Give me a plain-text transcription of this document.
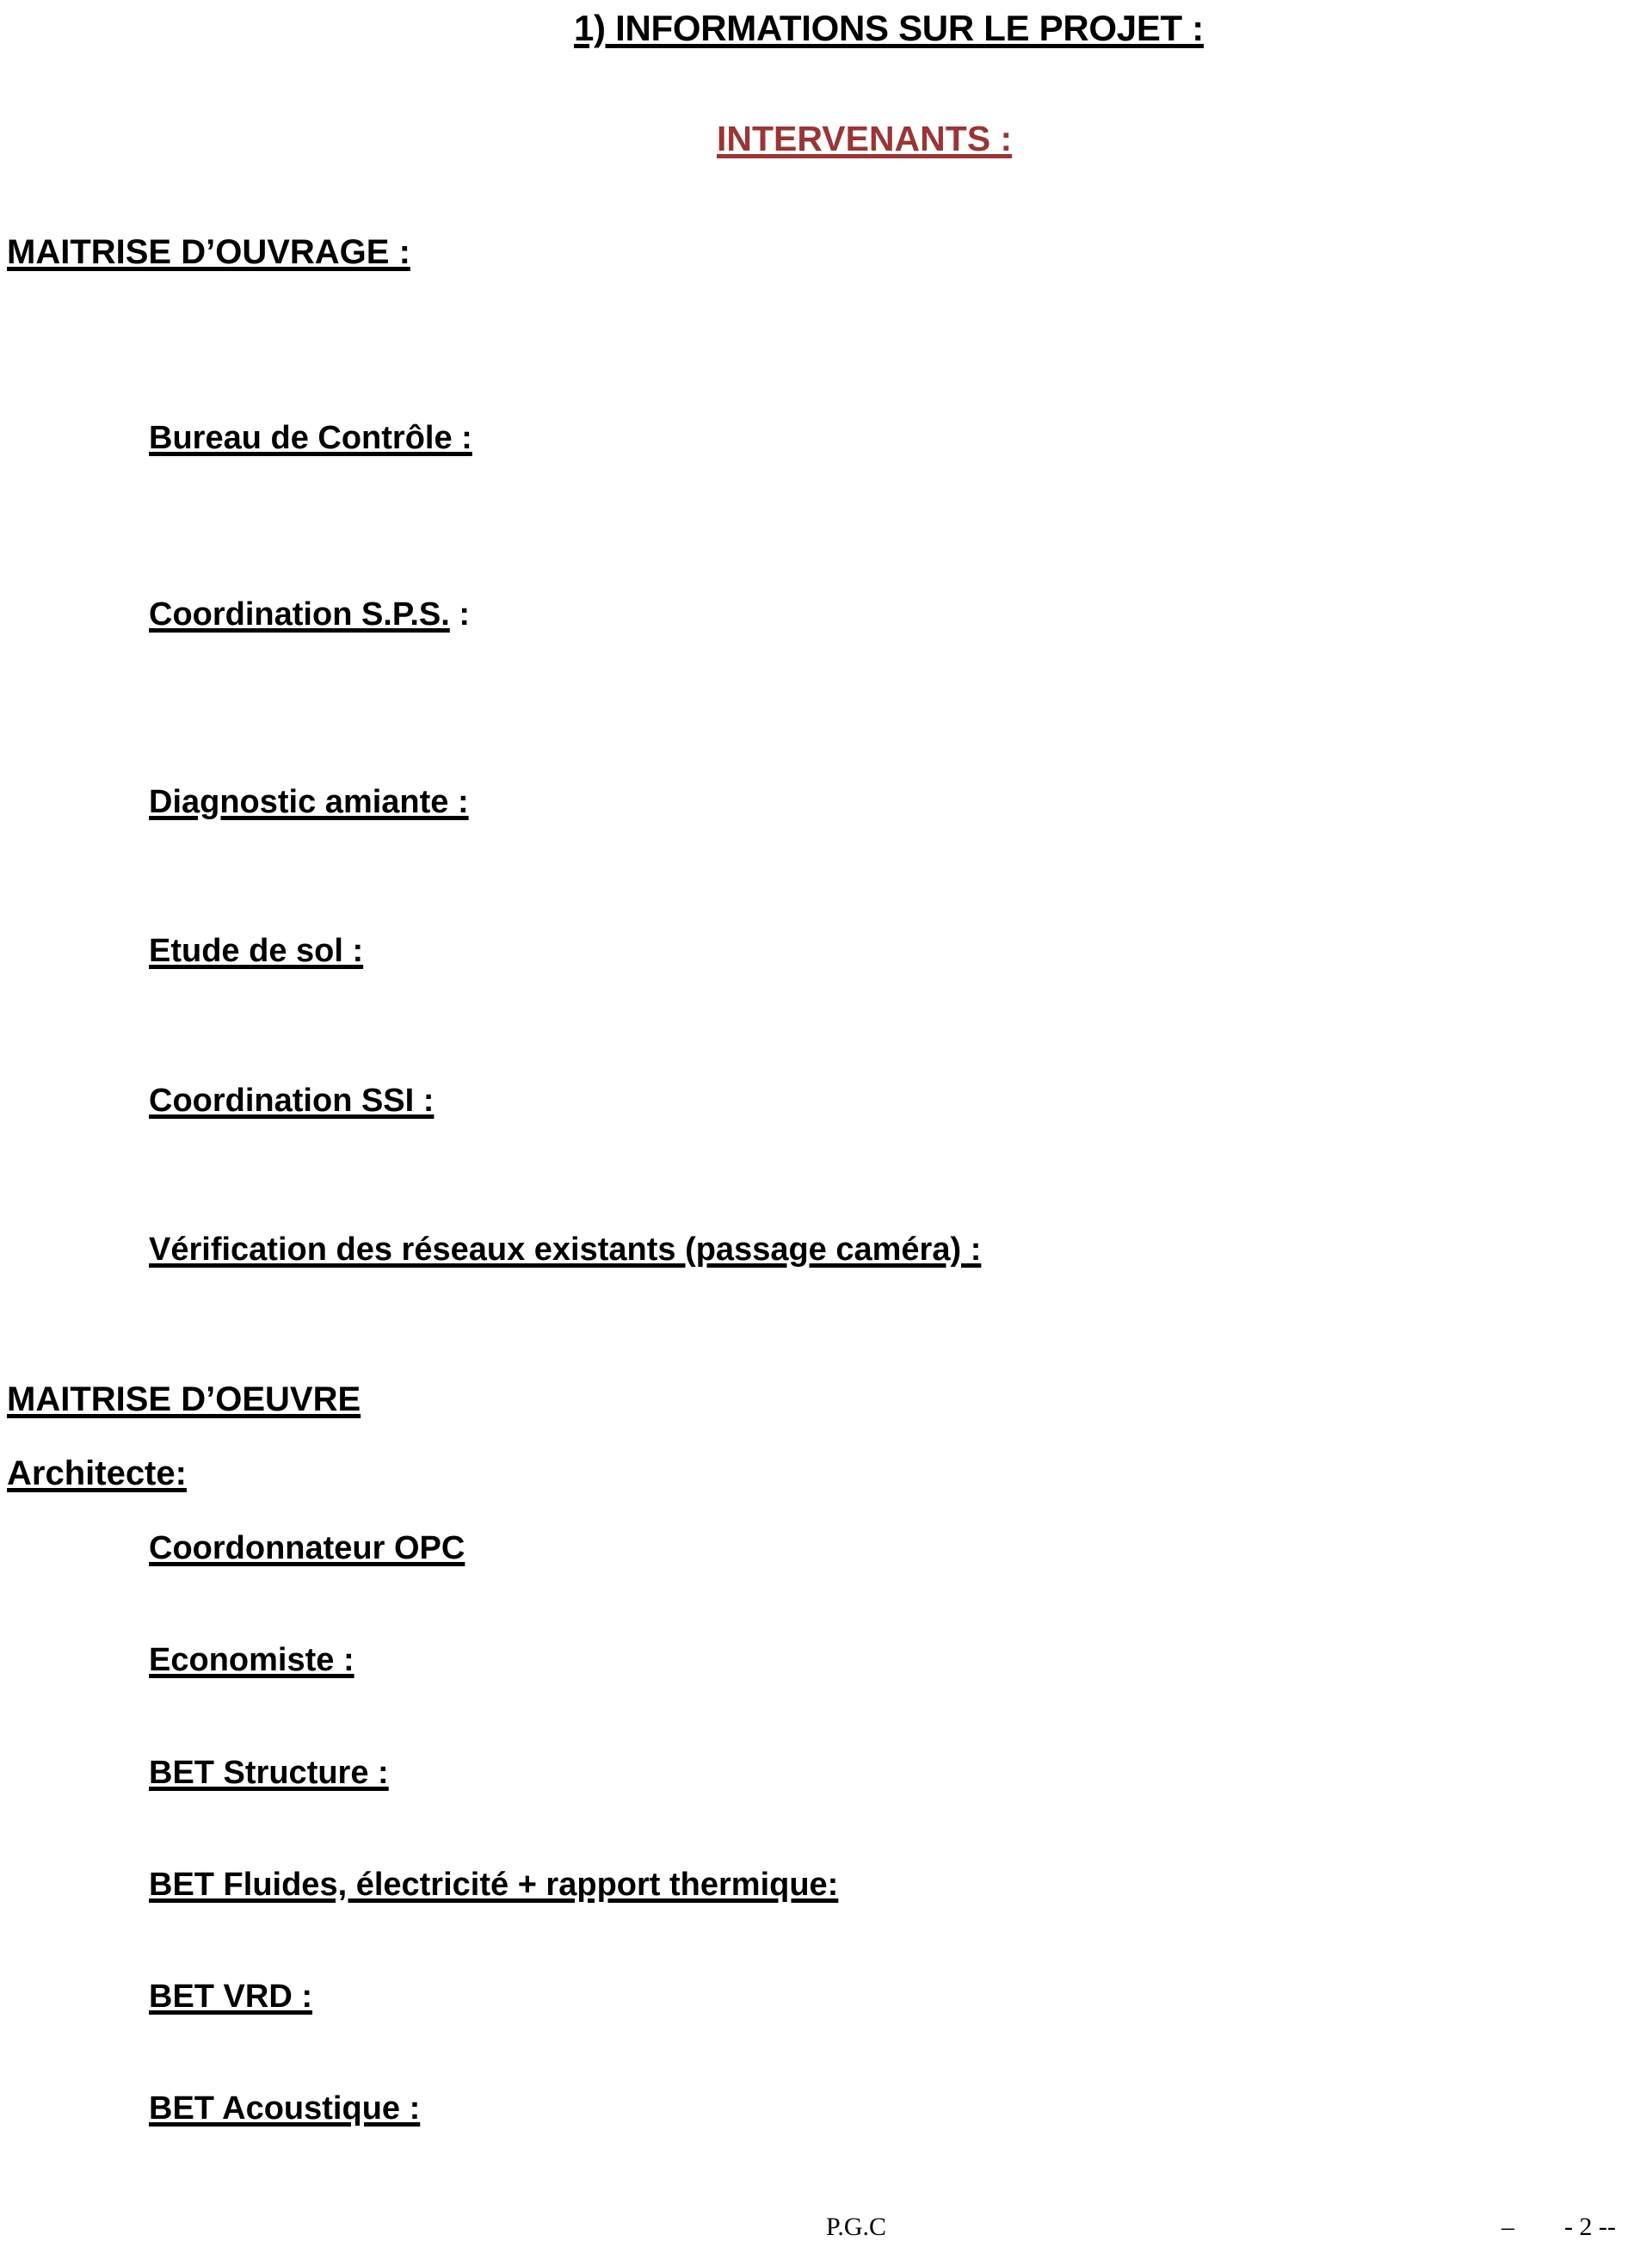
1) INFORMATIONS SUR LE PROJET :
INTERVENANTS :
MAITRISE D’OUVRAGE :
Bureau de Contrôle :
Coordination S.P.S. :
Diagnostic amiante :
Etude de sol :
Coordination SSI :
Vérification des réseaux existants (passage caméra) :
MAITRISE D’OEUVRE
Architecte:
Coordonnateur OPC
Economiste :
BET Structure :
BET Fluides, électricité + rapport thermique:
BET VRD :
BET Acoustique :
P.G.C	– - 2 --
